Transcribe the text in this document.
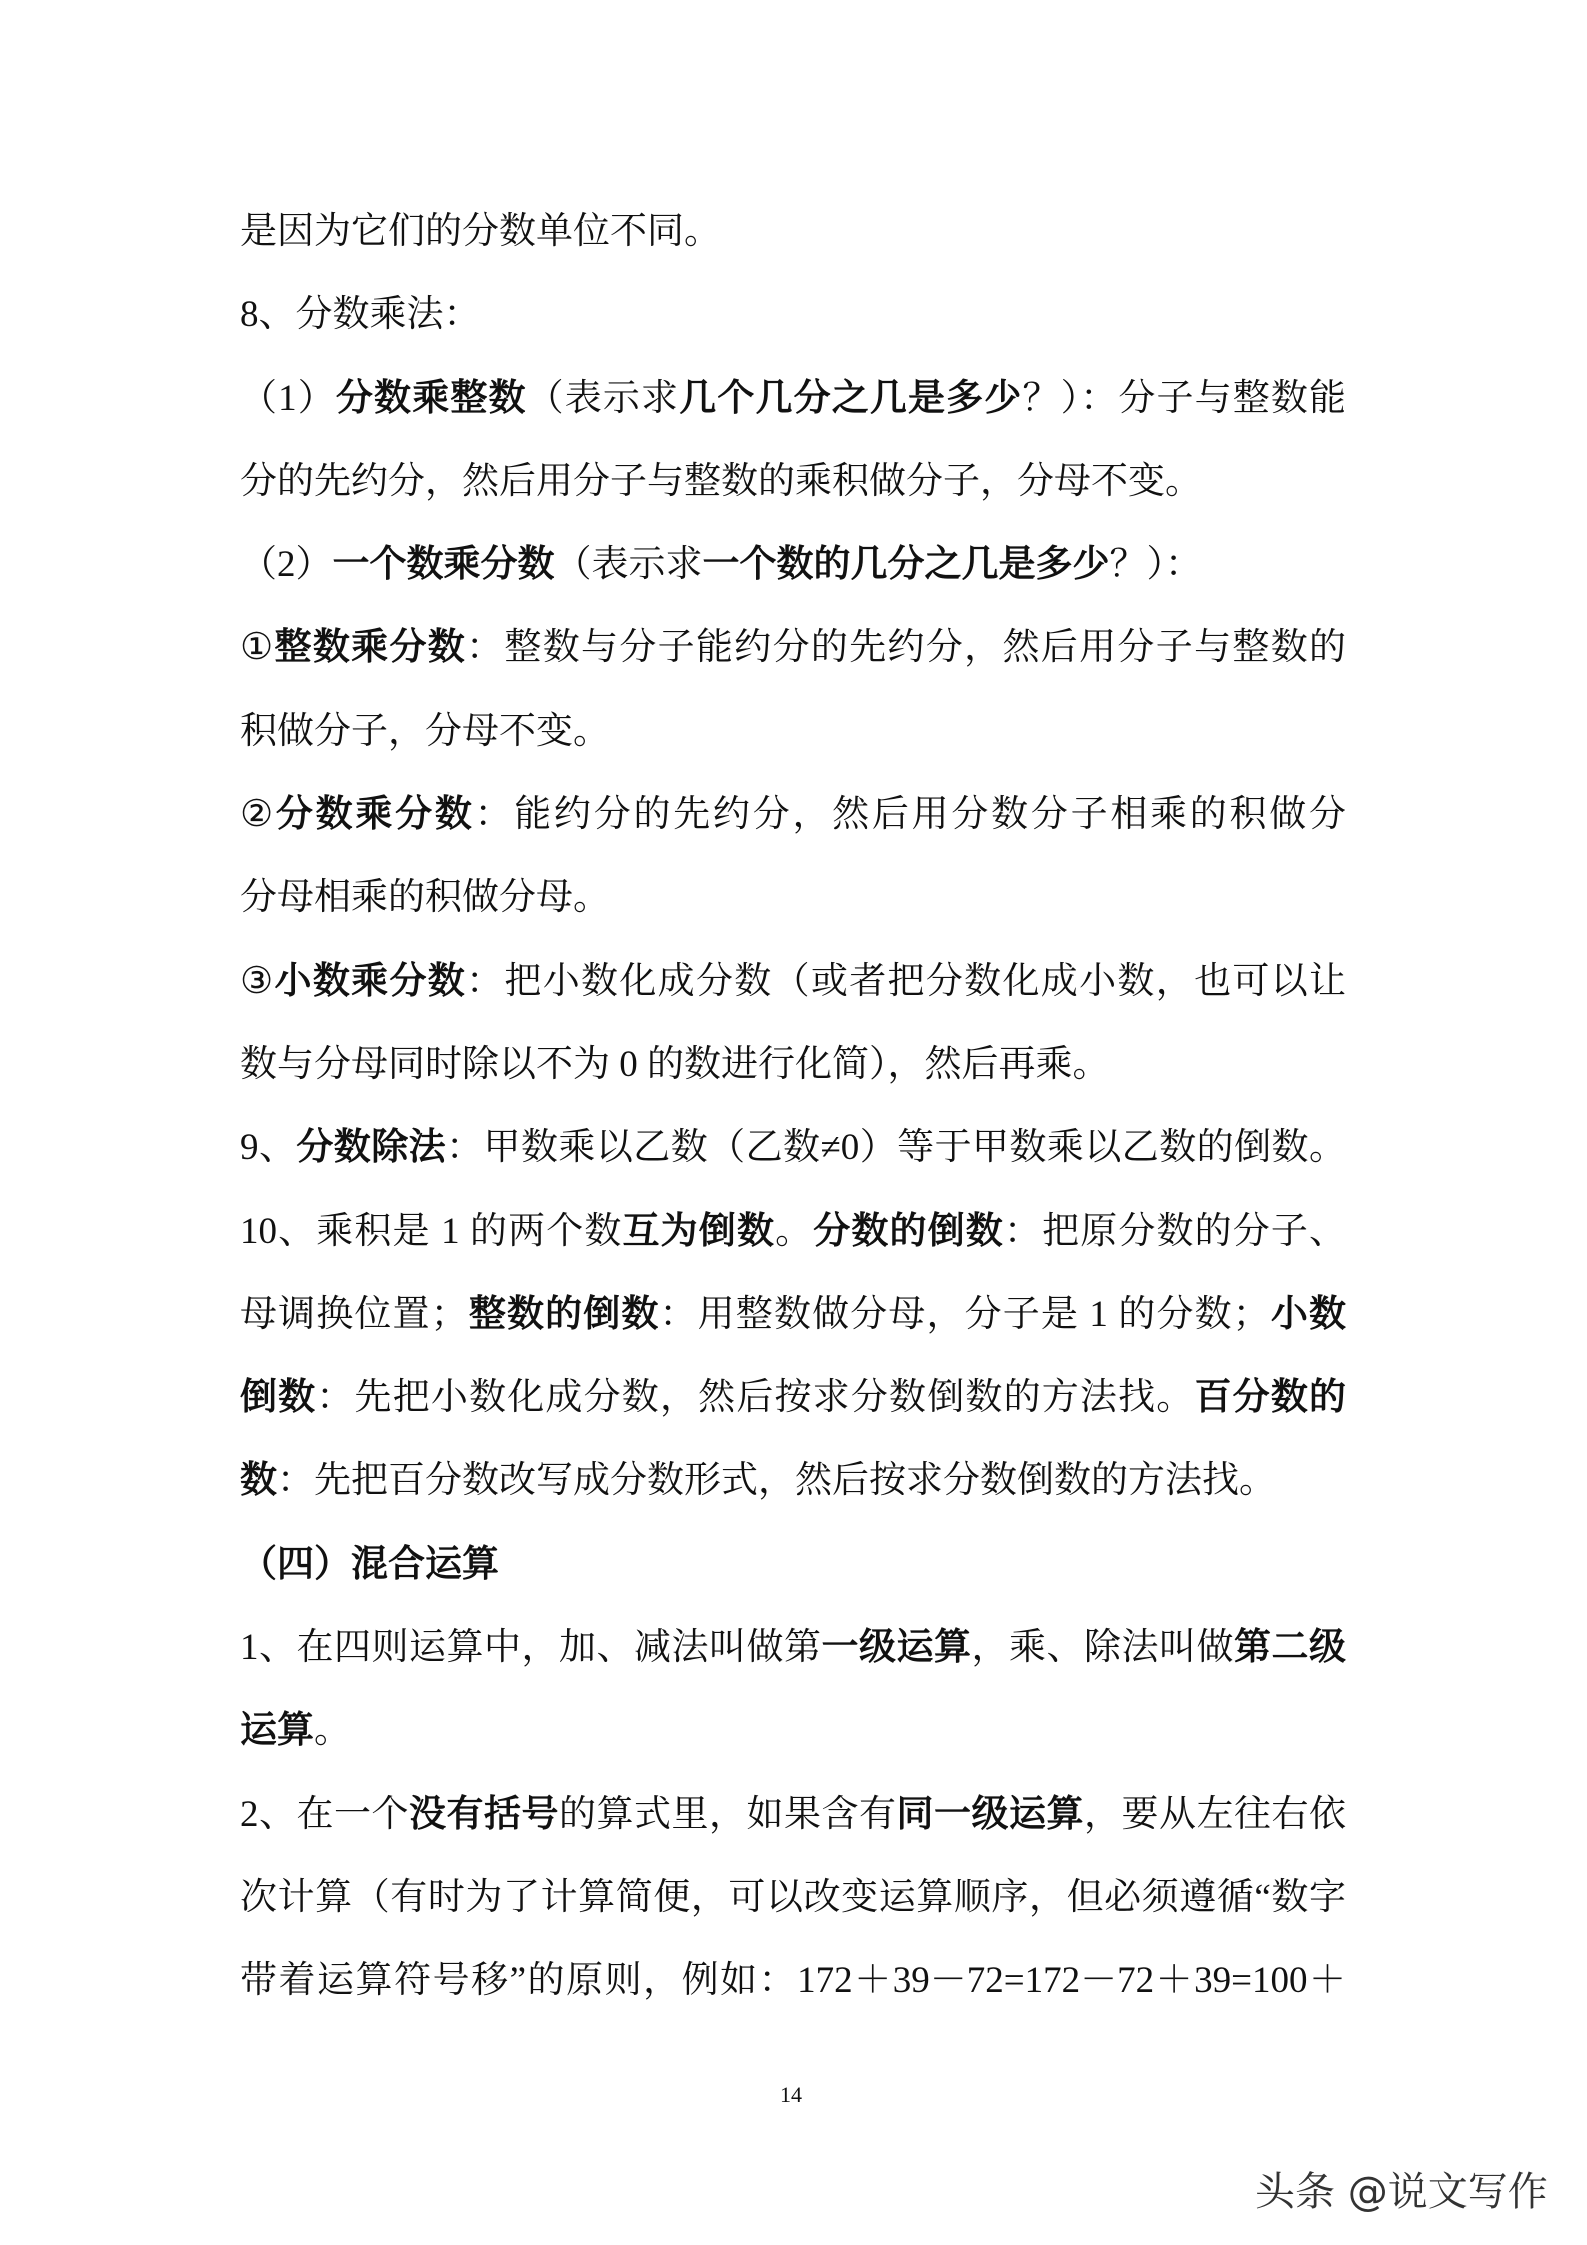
是因为它们的分数单位不同。
8、分数乘法：
（1）分数乘整数（表示求几个几分之几是多少？）：分子与整数能
分的先约分，然后用分子与整数的乘积做分子，分母不变。
（2）一个数乘分数（表示求一个数的几分之几是多少？）：
①整数乘分数：整数与分子能约分的先约分，然后用分子与整数的
积做分子，分母不变。
②分数乘分数：能约分的先约分，然后用分数分子相乘的积做分
分母相乘的积做分母。
③小数乘分数：把小数化成分数（或者把分数化成小数，也可以让
数与分母同时除以不为 0 的数进行化简），然后再乘。
9、分数除法：甲数乘以乙数（乙数≠0）等于甲数乘以乙数的倒数。
10、乘积是 1 的两个数互为倒数。分数的倒数：把原分数的分子、
母调换位置；整数的倒数：用整数做分母，分子是 1 的分数；小数
倒数：先把小数化成分数，然后按求分数倒数的方法找。百分数的
数：先把百分数改写成分数形式，然后按求分数倒数的方法找。
（四）混合运算
1、在四则运算中，加、减法叫做第一级运算，乘、除法叫做第二级
运算。
2、在一个没有括号的算式里，如果含有同一级运算，要从左往右依
次计算（有时为了计算简便，可以改变运算顺序，但必须遵循“数字
带着运算符号移”的原则，例如：172＋39－72=172－72＋39=100＋
14
头条 @说文写作
